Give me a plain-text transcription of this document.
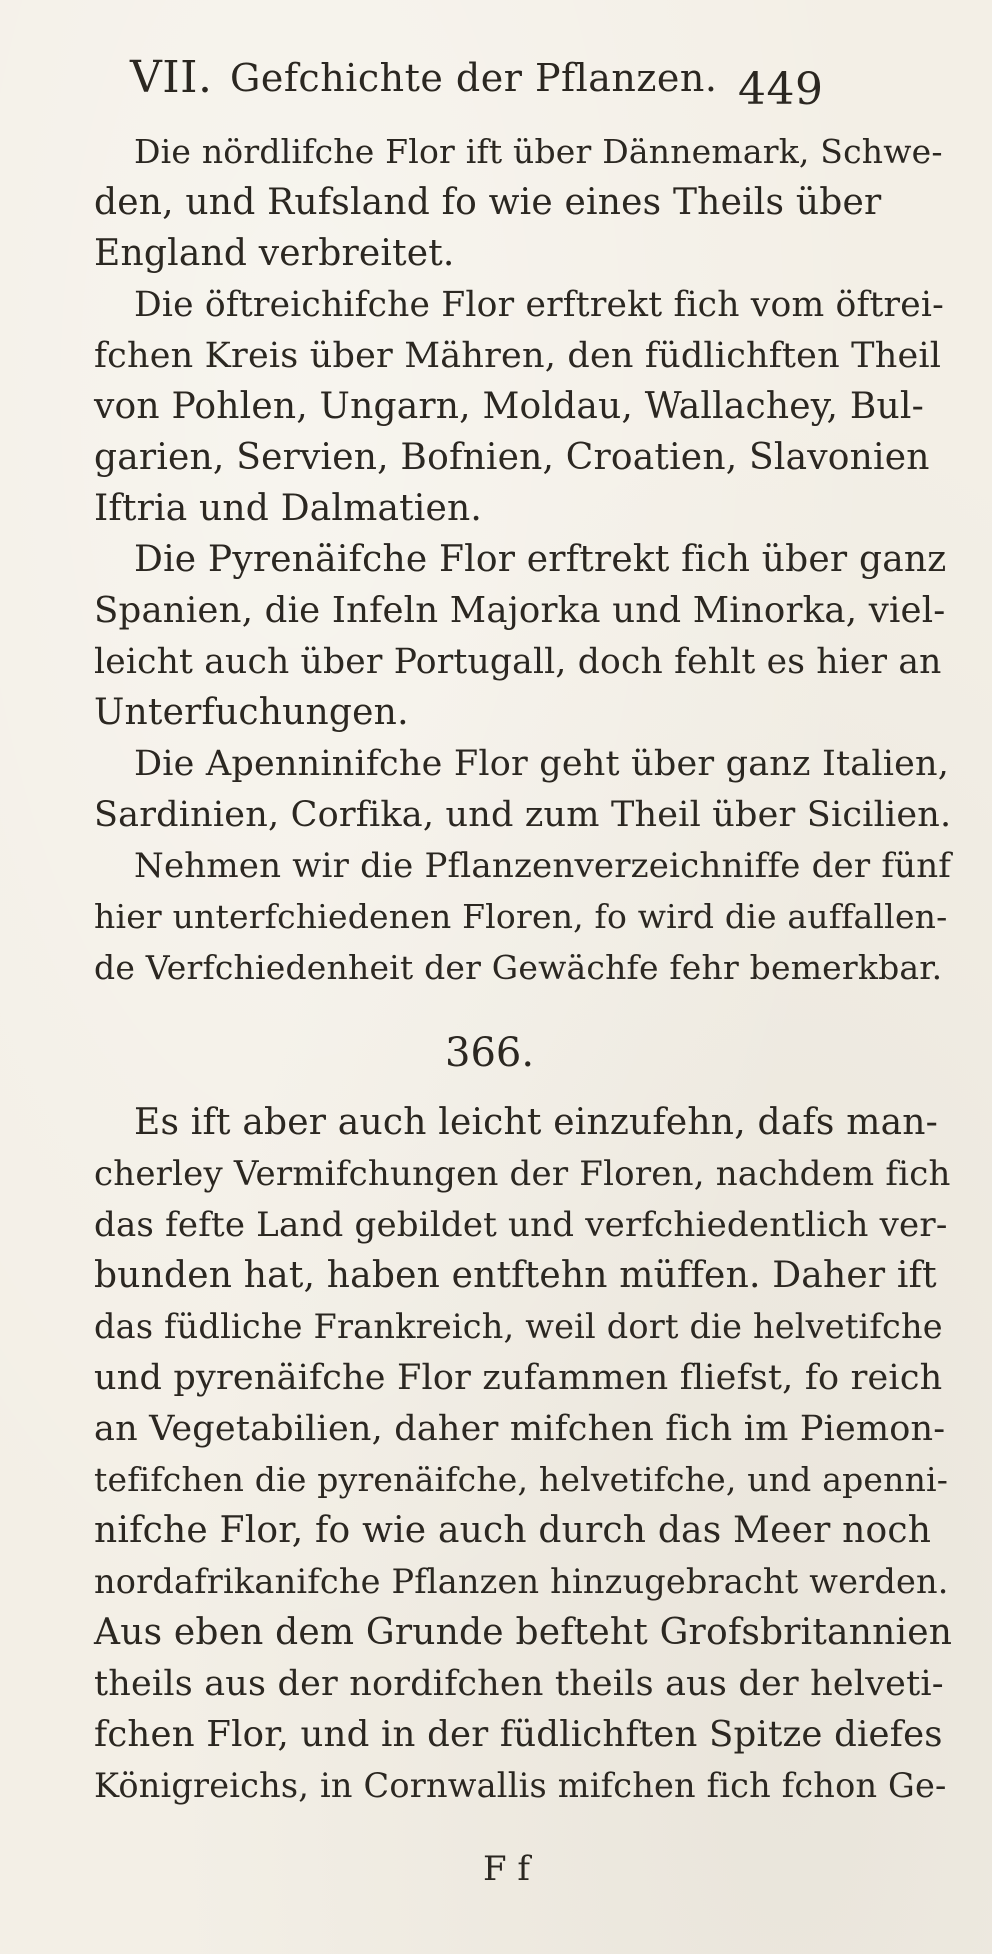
VII. Gefchichte der Pflanzen. 449
Die nördlifche Flor ift über Dännemark, Schwe-
den, und Rufsland fo wie eines Theils über
England verbreitet.
Die öftreichifche Flor erftrekt fich vom öftrei-
fchen Kreis über Mähren, den füdlichften Theil
von Pohlen, Ungarn, Moldau, Wallachey, Bul-
garien, Servien, Bofnien, Croatien, Slavonien
Iftria und Dalmatien.
Die Pyrenäifche Flor erftrekt fich über ganz
Spanien, die Infeln Majorka und Minorka, viel-
leicht auch über Portugall, doch fehlt es hier an
Unterfuchungen.
Die Apenninifche Flor geht über ganz Italien,
Sardinien, Corfika, und zum Theil über Sicilien.
Nehmen wir die Pflanzenverzeichniffe der fünf
hier unterfchiedenen Floren, fo wird die auffallen-
de Verfchiedenheit der Gewächfe fehr bemerkbar.
366.
Es ift aber auch leicht einzufehn, dafs man-
cherley Vermifchungen der Floren, nachdem fich
das fefte Land gebildet und verfchiedentlich ver-
bunden hat, haben entftehn müffen. Daher ift
das füdliche Frankreich, weil dort die helvetifche
und pyrenäifche Flor zufammen fliefst, fo reich
an Vegetabilien, daher mifchen fich im Piemon-
tefifchen die pyrenäifche, helvetifche, und apenni-
nifche Flor, fo wie auch durch das Meer noch
nordafrikanifche Pflanzen hinzugebracht werden.
Aus eben dem Grunde befteht Grofsbritannien
theils aus der nordifchen theils aus der helveti-
fchen Flor, und in der füdlichften Spitze diefes
Königreichs, in Cornwallis mifchen fich fchon Ge-
F f
